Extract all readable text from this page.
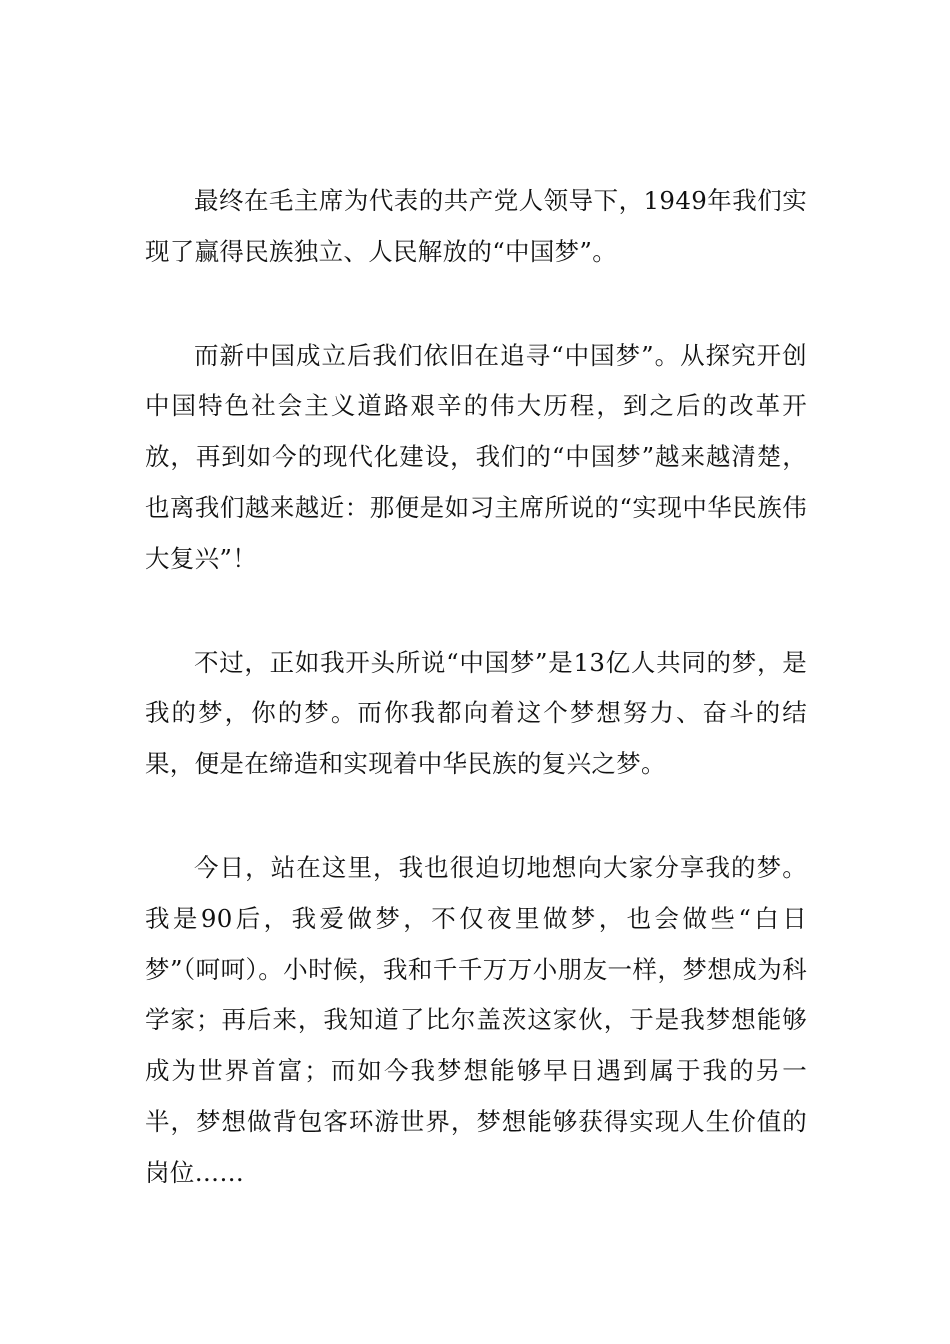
最终在毛主席为代表的共产党人领导下，1949年我们实现了赢得民族独立、人民解放的“中国梦”。

而新中国成立后我们依旧在追寻“中国梦”。从探究开创中国特色社会主义道路艰辛的伟大历程，到之后的改革开放，再到如今的现代化建设，我们的“中国梦”越来越清楚，也离我们越来越近：那便是如习主席所说的“实现中华民族伟大复兴”！

不过，正如我开头所说“中国梦”是13亿人共同的梦，是我的梦，你的梦。而你我都向着这个梦想努力、奋斗的结果，便是在缔造和实现着中华民族的复兴之梦。

今日，站在这里，我也很迫切地想向大家分享我的梦。我是90后，我爱做梦，不仅夜里做梦，也会做些“白日梦”（呵呵）。小时候，我和千千万万小朋友一样，梦想成为科学家；再后来，我知道了比尔盖茨这家伙，于是我梦想能够成为世界首富；而如今我梦想能够早日遇到属于我的另一半，梦想做背包客环游世界，梦想能够获得实现人生价值的岗位……
